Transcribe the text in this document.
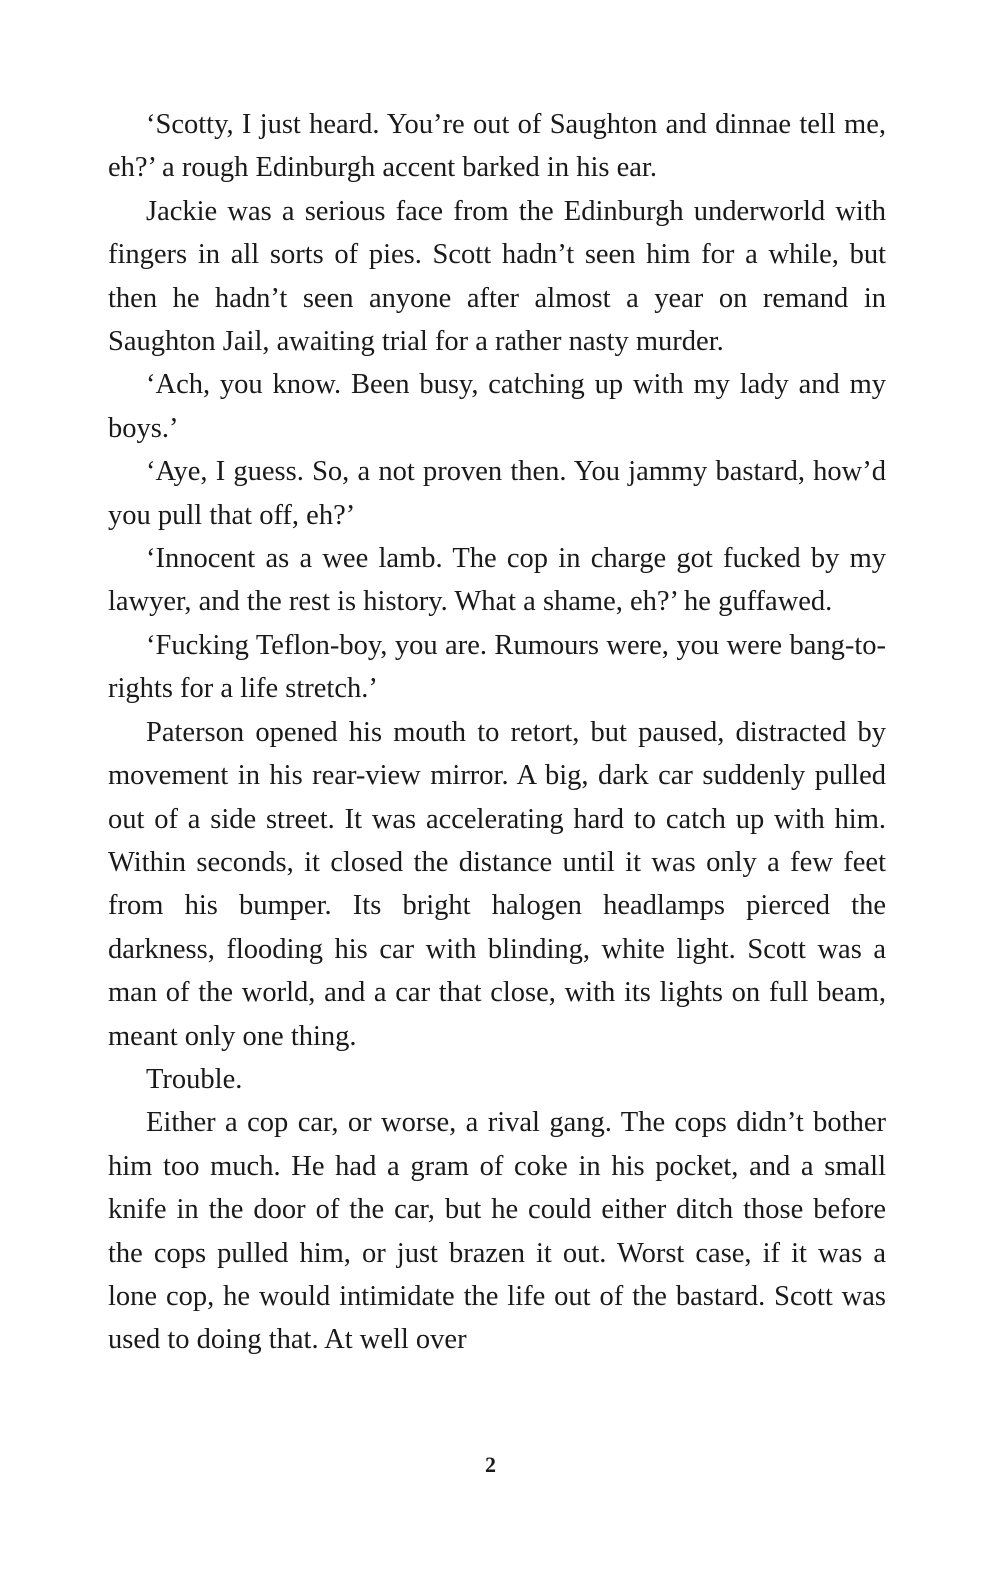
‘Scotty, I just heard. You’re out of Saughton and dinnae tell me, eh?’ a rough Edinburgh accent barked in his ear.

Jackie was a serious face from the Edinburgh underworld with fingers in all sorts of pies. Scott hadn’t seen him for a while, but then he hadn’t seen anyone after almost a year on remand in Saughton Jail, awaiting trial for a rather nasty murder.

‘Ach, you know. Been busy, catching up with my lady and my boys.’

‘Aye, I guess. So, a not proven then. You jammy bastard, how’d you pull that off, eh?’

‘Innocent as a wee lamb. The cop in charge got fucked by my lawyer, and the rest is history. What a shame, eh?’ he guffawed.

‘Fucking Teflon-boy, you are. Rumours were, you were bang-to-rights for a life stretch.’

Paterson opened his mouth to retort, but paused, distracted by movement in his rear-view mirror. A big, dark car suddenly pulled out of a side street. It was accelerating hard to catch up with him. Within seconds, it closed the distance until it was only a few feet from his bumper. Its bright halogen headlamps pierced the darkness, flooding his car with blinding, white light. Scott was a man of the world, and a car that close, with its lights on full beam, meant only one thing.

Trouble.

Either a cop car, or worse, a rival gang. The cops didn’t bother him too much. He had a gram of coke in his pocket, and a small knife in the door of the car, but he could either ditch those before the cops pulled him, or just brazen it out. Worst case, if it was a lone cop, he would intimidate the life out of the bastard. Scott was used to doing that. At well over

2
